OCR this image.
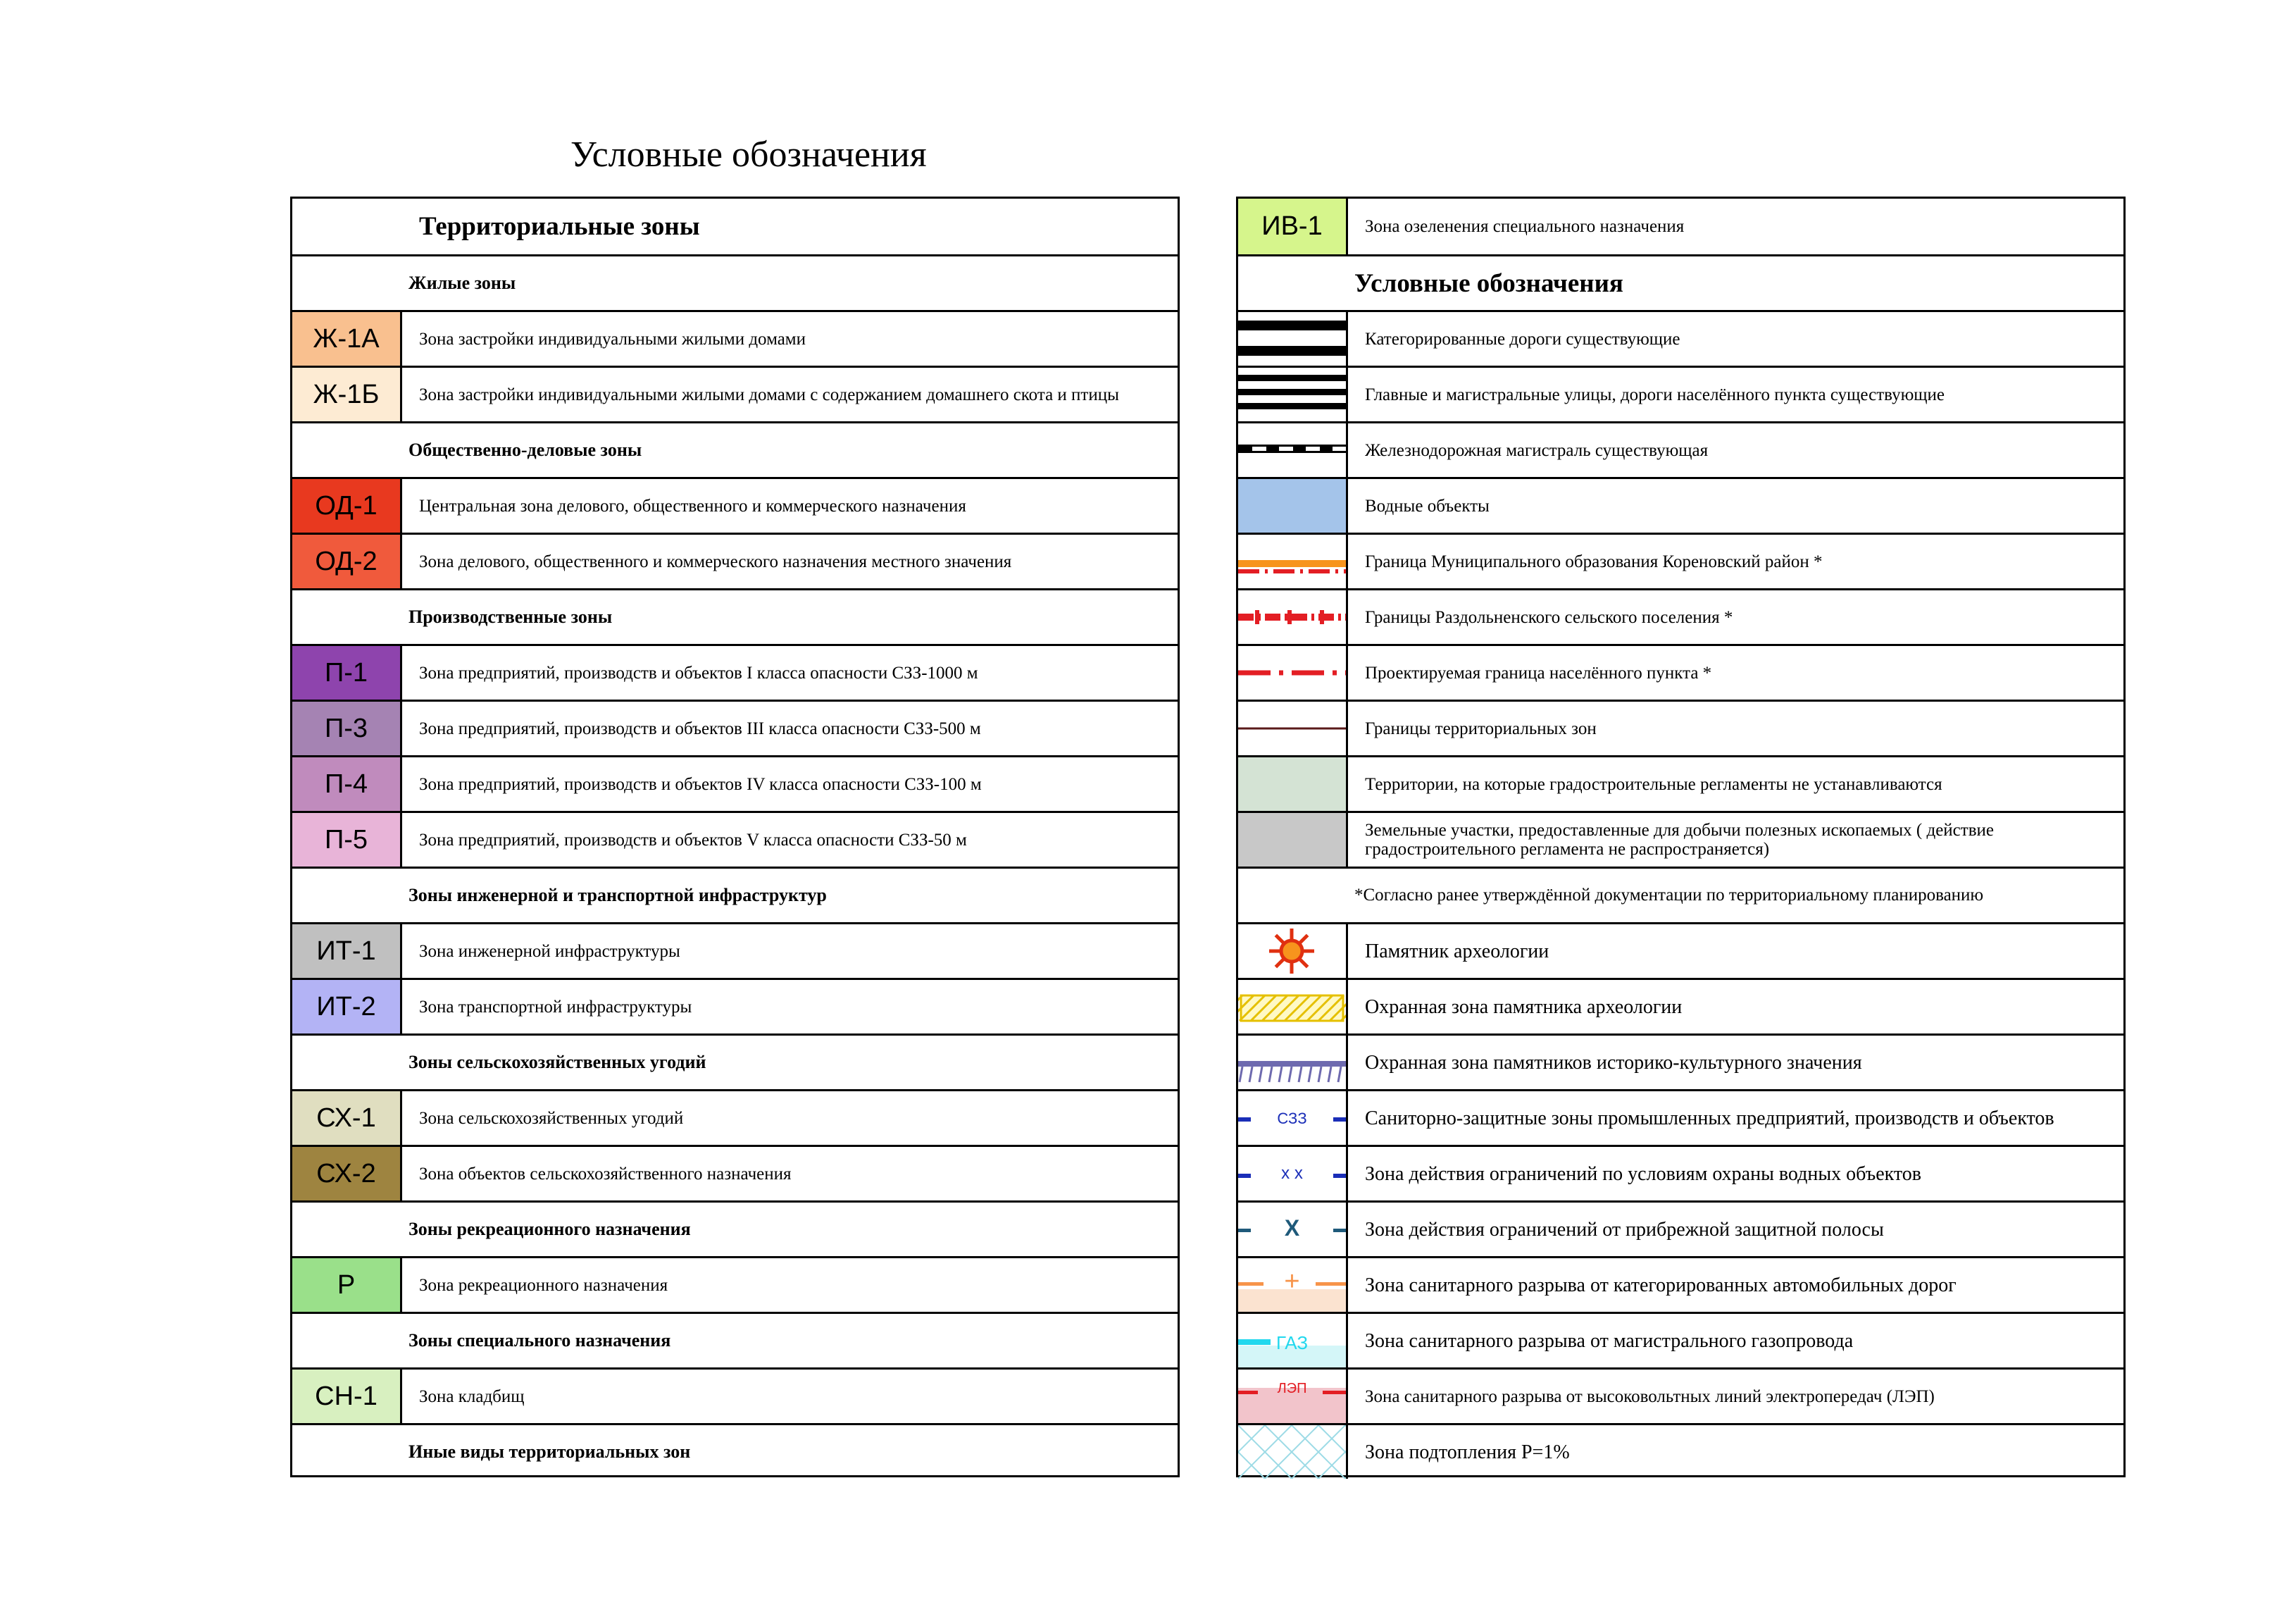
Условные обозначения
Территориальные зоны
Жилые зоны
Ж-1А	Зона застройки индивидуальными жилыми домами
Ж-1Б	Зона застройки индивидуальными жилыми домами с содержанием домашнего скота и птицы
Общественно-деловые зоны
ОД-1	Центральная зона делового, общественного и коммерческого назначения
ОД-2	Зона делового, общественного и коммерческого назначения местного значения
Производственные зоны
П-1	Зона предприятий, производств и объектов I класса опасности СЗЗ-1000 м
П-3	Зона предприятий, производств и объектов III класса опасности СЗЗ-500 м
П-4	Зона предприятий, производств и объектов IV класса опасности СЗЗ-100 м
П-5	Зона предприятий, производств и объектов V класса опасности СЗЗ-50 м
Зоны инженерной и транспортной инфраструктур
ИТ-1	Зона инженерной инфраструктуры
ИТ-2	Зона транспортной инфраструктуры
Зоны сельскохозяйственных угодий
СХ-1	Зона сельскохозяйственных угодий
СХ-2	Зона объектов сельскохозяйственного назначения
Зоны рекреационного назначения
Р	Зона рекреационного назначения
Зоны специального назначения
СН-1	Зона кладбищ
Иные виды территориальных зон
ИВ-1	Зона озеленения специального назначения
Условные обозначения
Категорированные дороги существующие
Главные и магистральные улицы, дороги населённого пункта существующие
Железнодорожная магистраль существующая
Водные объекты
Граница Муниципального образования Кореновский район *
Границы Раздольненского сельского поселения *
Проектируемая граница населённого пункта *
Границы территориальных зон
Территории, на которые градостроительные регламенты не устанавливаются
Земельные участки, предоставленные для добычи полезных ископаемых ( действие градостроительного регламента не распространяется)
*Согласно ранее утверждённой документации по территориальному планированию
Памятник археологии
Охранная зона памятника археологии
Охранная зона памятников историко-культурного значения
СЗЗ	Саниторно-защитные зоны промышленных предприятий, производств и объектов
х х	Зона действия ограничений по условиям охраны водных объектов
Х	Зона действия ограничений от прибрежной защитной полосы
+	Зона санитарного разрыва от категорированных автомобильных дорог
ГАЗ	Зона санитарного разрыва от магистрального газопровода
ЛЭП	Зона санитарного разрыва от высоковольтных линий электропередач (ЛЭП)
Зона подтопления Р=1%
